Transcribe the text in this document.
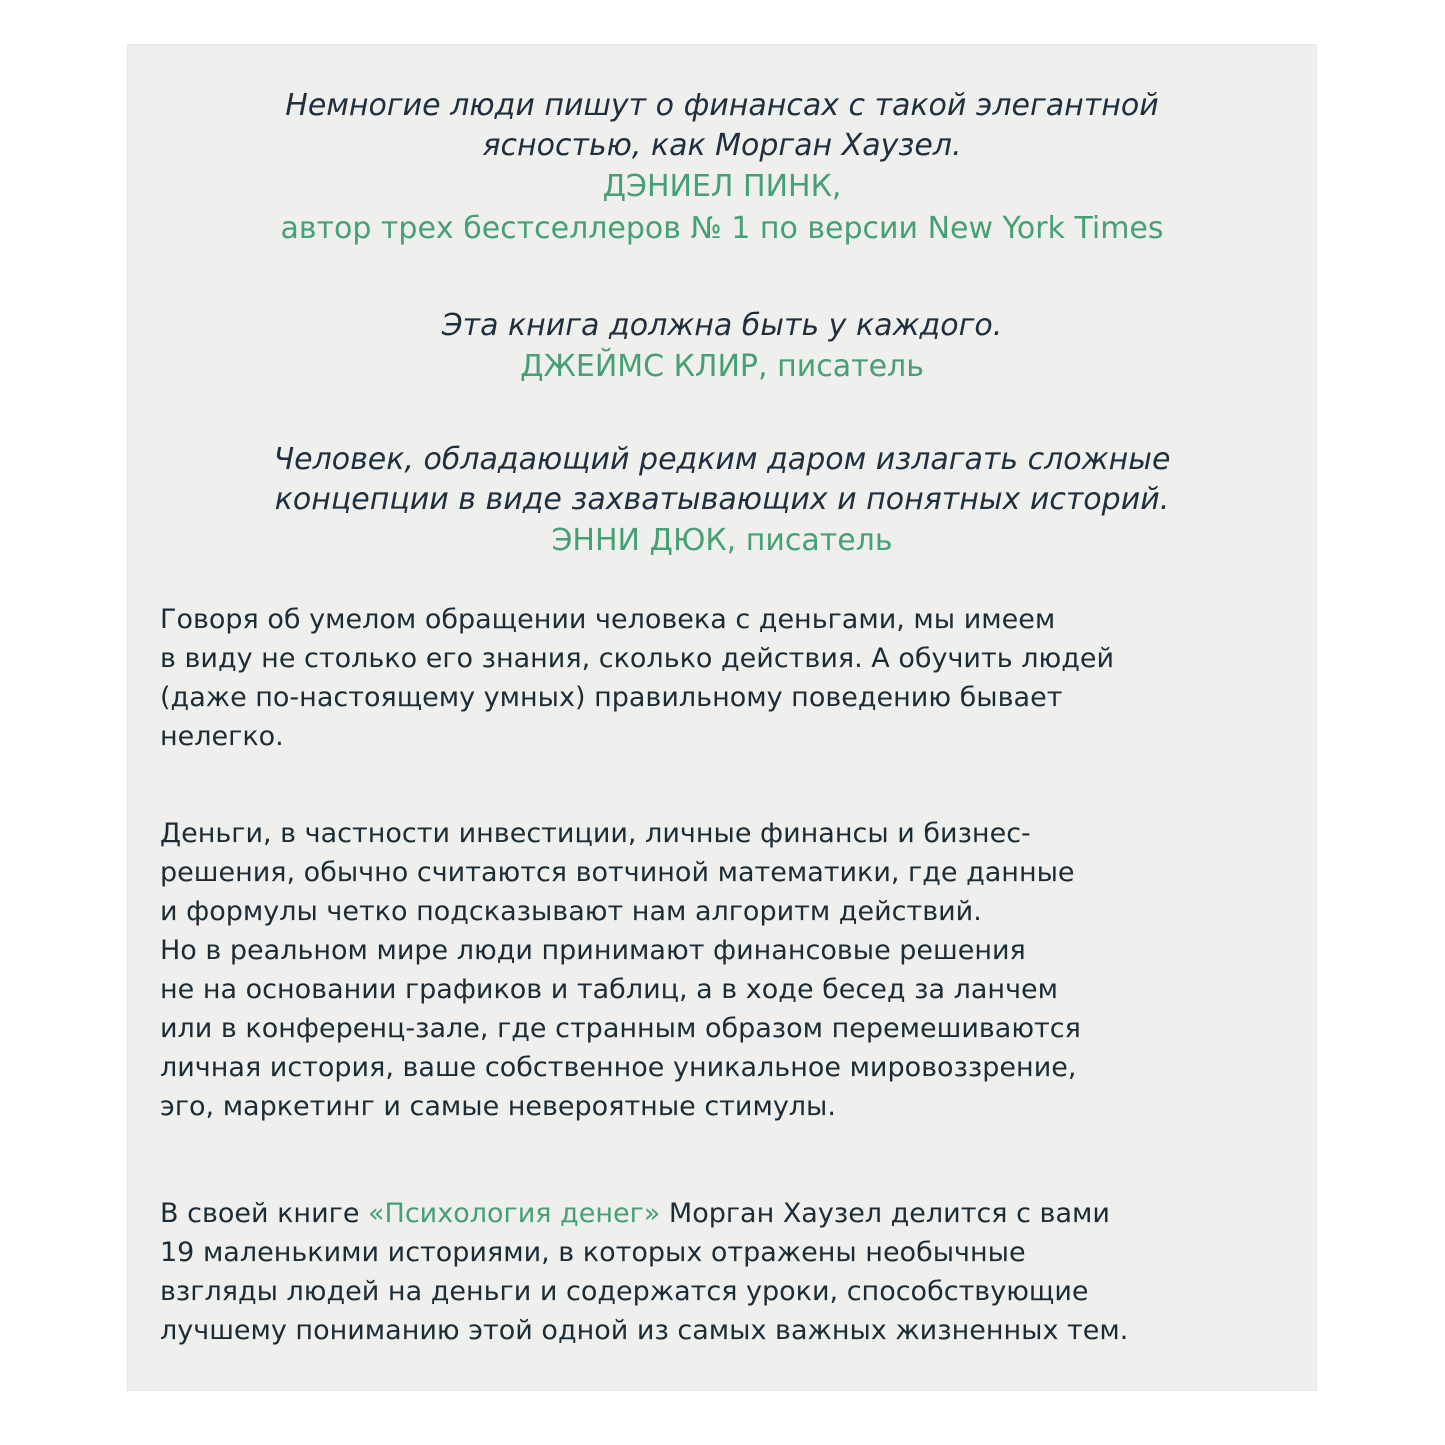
Немногие люди пишут о финансах с такой элегантной
ясностью, как Морган Хаузел.
ДЭНИЕЛ ПИНК,
автор трех бестселлеров № 1 по версии New York Times
Эта книга должна быть у каждого.
ДЖЕЙМС КЛИР, писатель
Человек, обладающий редким даром излагать сложные
концепции в виде захватывающих и понятных историй.
ЭННИ ДЮК, писатель
Говоря об умелом обращении человека с деньгами, мы имеем
в виду не столько его знания, сколько действия. А обучить людей
(даже по-настоящему умных) правильному поведению бывает
нелегко.
Деньги, в частности инвестиции, личные финансы и бизнес-
решения, обычно считаются вотчиной математики, где данные
и формулы четко подсказывают нам алгоритм действий.
Но в реальном мире люди принимают финансовые решения
не на основании графиков и таблиц, а в ходе бесед за ланчем
или в конференц-зале, где странным образом перемешиваются
личная история, ваше собственное уникальное мировоззрение,
эго, маркетинг и самые невероятные стимулы.
В своей книге «Психология денег» Морган Хаузел делится с вами
19 маленькими историями, в которых отражены необычные
взгляды людей на деньги и содержатся уроки, способствующие
лучшему пониманию этой одной из самых важных жизненных тем.
